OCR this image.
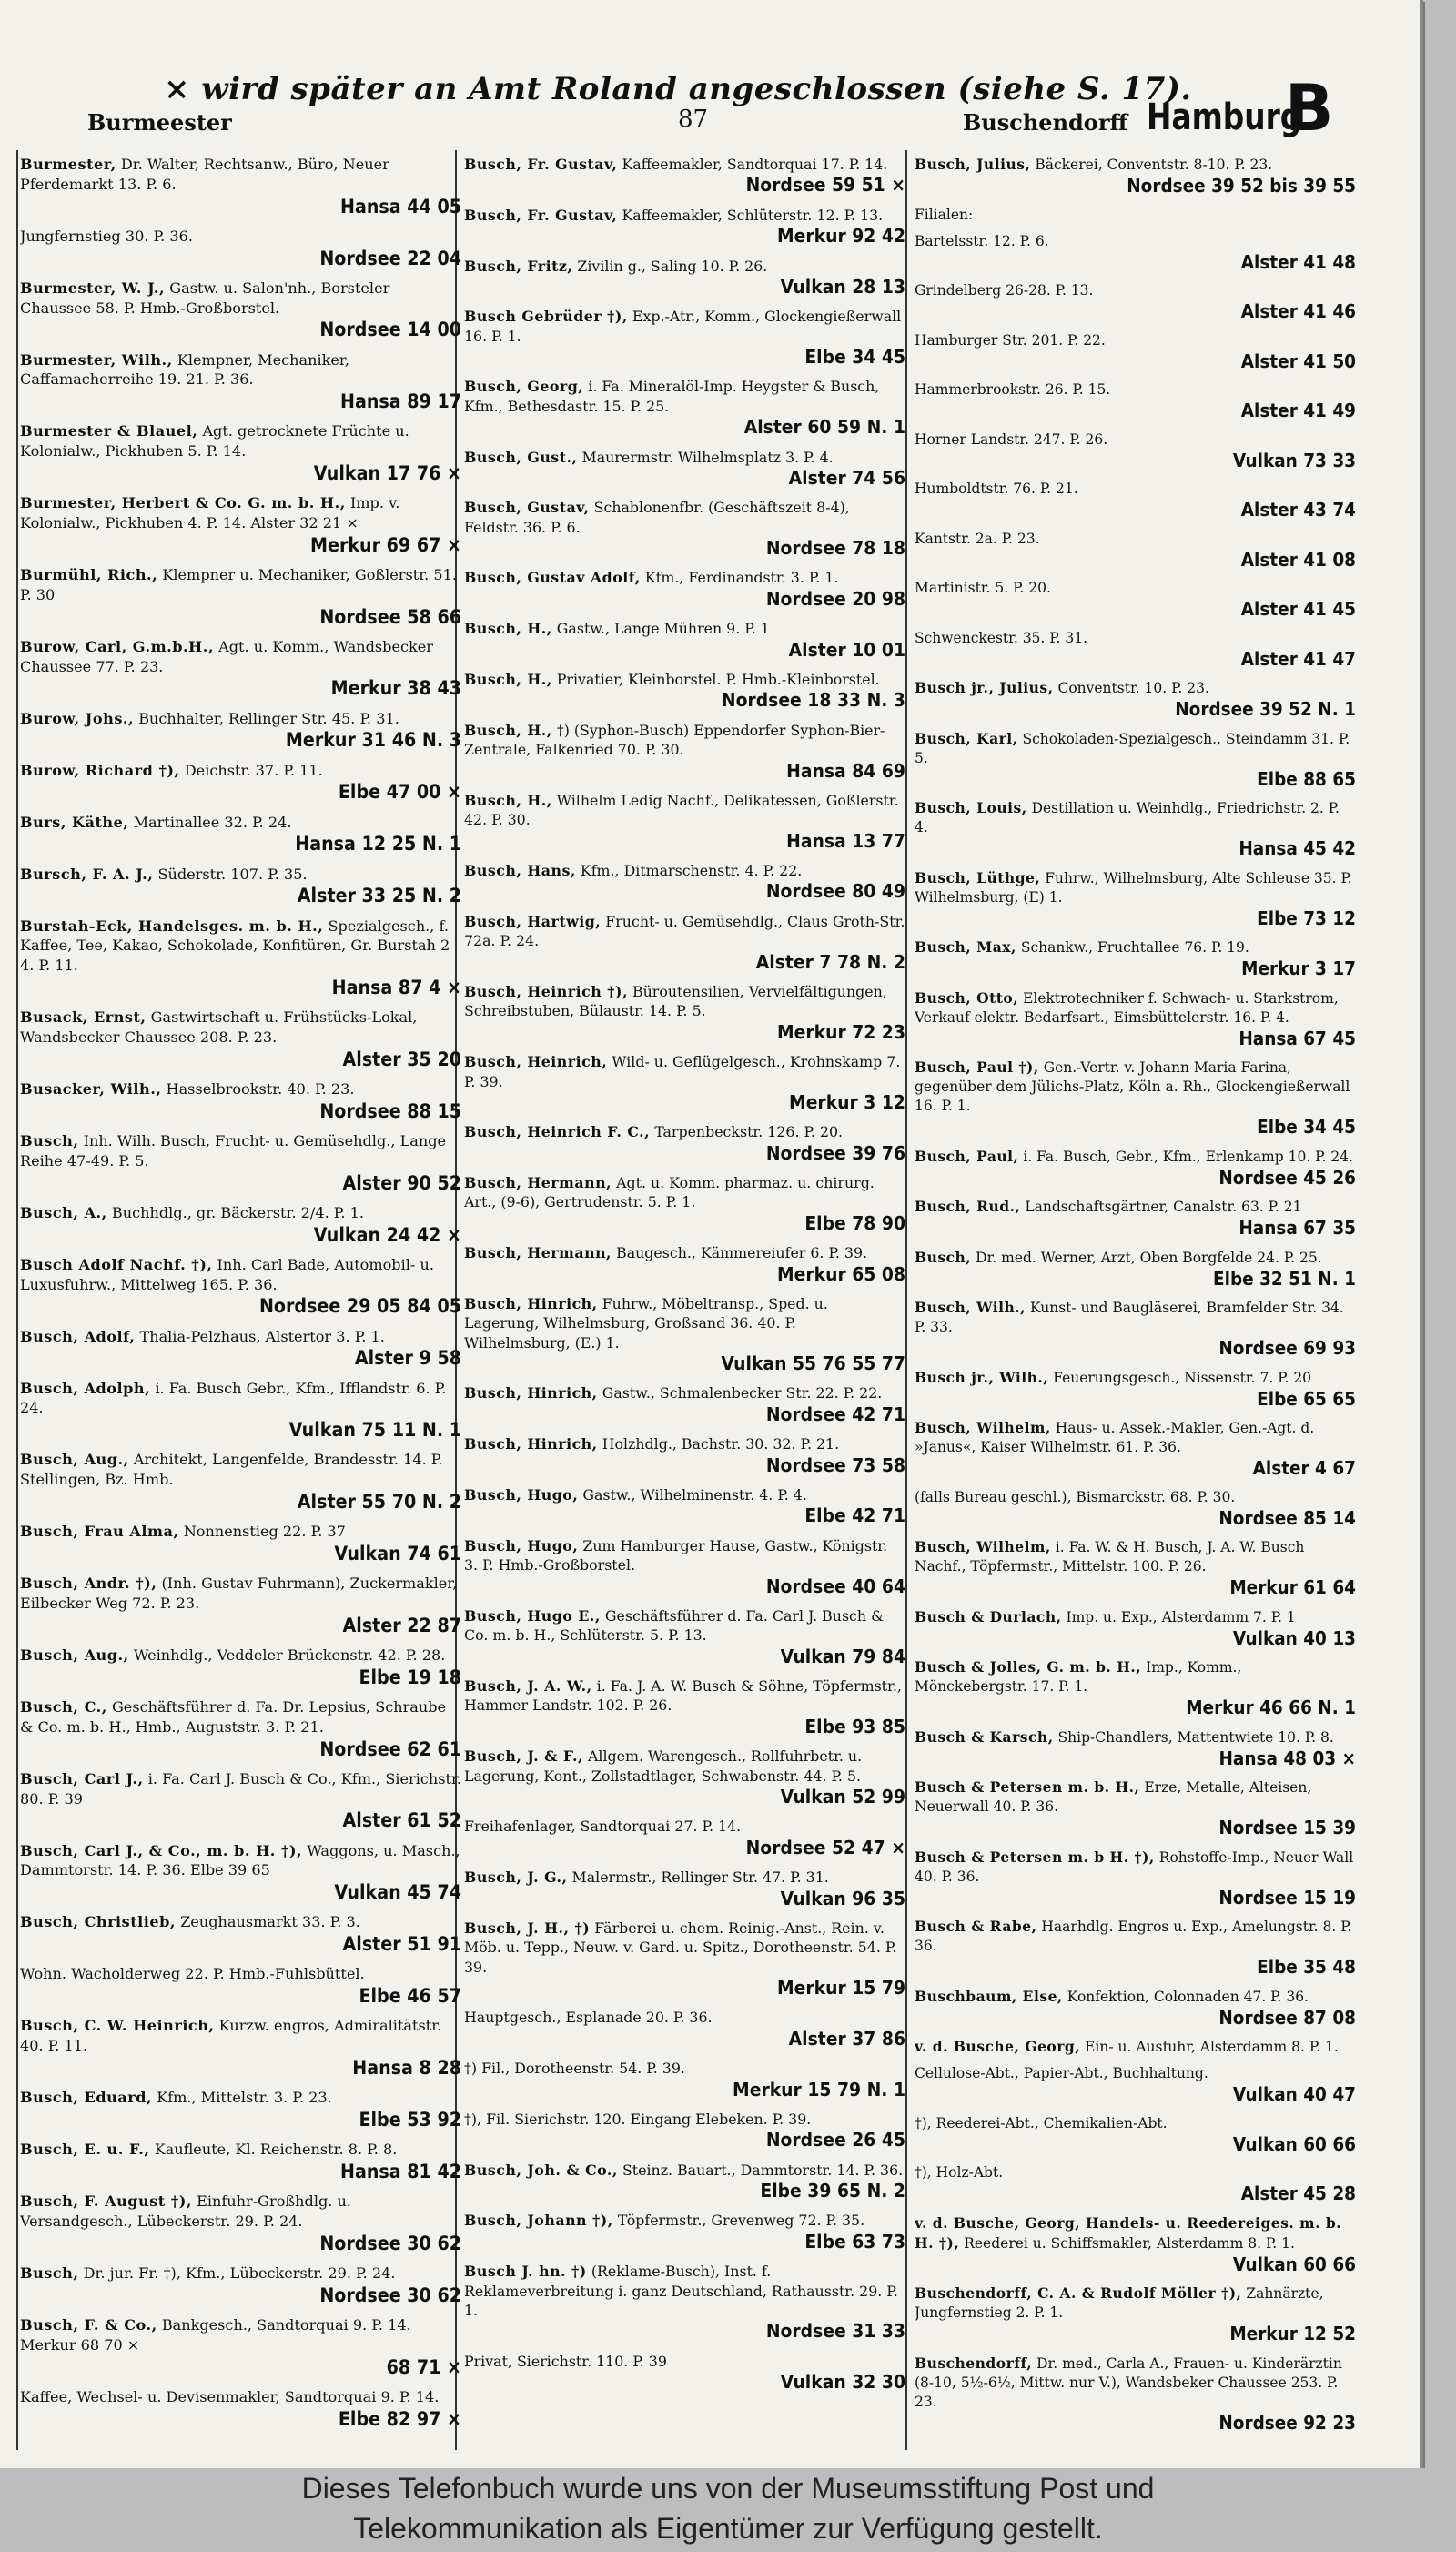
× wird später an Amt Roland angeschlossen (siehe S. 17).
Burmeester	87	Buschendorff Hamburg
B
Burmester, Dr. Walter, Rechtsanw., Büro, Neuer Pferdemarkt 13. P. 6.
Hansa 44 05
Jungfernstieg 30. P. 36.
Nordsee 22 04
Burmester, W. J., Gastw. u. Salon'nh., Borsteler Chaussee 58. P. Hmb.-Großborstel.
Nordsee 14 00
Burmester, Wilh., Klempner, Mechaniker, Caffamacherreihe 19. 21. P. 36.
Hansa 89 17
Burmester & Blauel, Agt. getrocknete Früchte u. Kolonialw., Pickhuben 5. P. 14.
Vulkan 17 76 ×
Burmester, Herbert & Co. G. m. b. H., Imp. v. Kolonialw., Pickhuben 4. P. 14. Alster 32 21 ×
Merkur 69 67 ×
Burmühl, Rich., Klempner u. Mechaniker, Goßlerstr. 51. P. 30
Nordsee 58 66
Burow, Carl, G.m.b.H., Agt. u. Komm., Wandsbecker Chaussee 77. P. 23.
Merkur 38 43
Burow, Johs., Buchhalter, Rellinger Str. 45. P. 31.
Merkur 31 46 N. 3
Burow, Richard †), Deichstr. 37. P. 11.
Elbe 47 00 ×
Burs, Käthe, Martinallee 32. P. 24.
Hansa 12 25 N. 1
Bursch, F. A. J., Süderstr. 107. P. 35.
Alster 33 25 N. 2
Burstah-Eck, Handelsges. m. b. H., Spezialgesch., f. Kaffee, Tee, Kakao, Schokolade, Konfitüren, Gr. Burstah 2 4. P. 11.
Hansa 87 4 ×
Busack, Ernst, Gastwirtschaft u. Frühstücks-Lokal, Wandsbecker Chaussee 208. P. 23.
Alster 35 20
Busacker, Wilh., Hasselbrookstr. 40. P. 23.
Nordsee 88 15
Busch, Inh. Wilh. Busch, Frucht- u. Gemüsehdlg., Lange Reihe 47-49. P. 5.
Alster 90 52
Busch, A., Buchhdlg., gr. Bäckerstr. 2/4. P. 1.
Vulkan 24 42 ×
Busch Adolf Nachf. †), Inh. Carl Bade, Automobil- u. Luxusfuhrw., Mittelweg 165. P. 36.
Nordsee 29 05 84 05
Busch, Adolf, Thalia-Pelzhaus, Alstertor 3. P. 1.
Alster 9 58
Busch, Adolph, i. Fa. Busch Gebr., Kfm., Ifflandstr. 6. P. 24.
Vulkan 75 11 N. 1
Busch, Aug., Architekt, Langenfelde, Brandesstr. 14. P. Stellingen, Bz. Hmb.
Alster 55 70 N. 2
Busch, Frau Alma, Nonnenstieg 22. P. 37
Vulkan 74 61
Busch, Andr. †), (Inh. Gustav Fuhrmann), Zuckermakler, Eilbecker Weg 72. P. 23.
Alster 22 87
Busch, Aug., Weinhdlg., Veddeler Brückenstr. 42. P. 28.
Elbe 19 18
Busch, C., Geschäftsführer d. Fa. Dr. Lepsius, Schraube & Co. m. b. H., Hmb., Auguststr. 3. P. 21.
Nordsee 62 61
Busch, Carl J., i. Fa. Carl J. Busch & Co., Kfm., Sierichstr. 80. P. 39
Alster 61 52
Busch, Carl J., & Co., m. b. H. †), Waggons, u. Masch., Dammtorstr. 14. P. 36. Elbe 39 65
Vulkan 45 74
Busch, Christlieb, Zeughausmarkt 33. P. 3.
Alster 51 91
Wohn. Wacholderweg 22. P. Hmb.-Fuhlsbüttel.
Elbe 46 57
Busch, C. W. Heinrich, Kurzw. engros, Admiralitätstr. 40. P. 11.
Hansa 8 28
Busch, Eduard, Kfm., Mittelstr. 3. P. 23.
Elbe 53 92
Busch, E. u. F., Kaufleute, Kl. Reichenstr. 8. P. 8.
Hansa 81 42
Busch, F. August †), Einfuhr-Großhdlg. u. Versandgesch., Lübeckerstr. 29. P. 24.
Nordsee 30 62
Busch, Dr. jur. Fr. †), Kfm., Lübeckerstr. 29. P. 24.
Nordsee 30 62
Busch, F. & Co., Bankgesch., Sandtorquai 9. P. 14. Merkur 68 70 ×
68 71 ×
Kaffee, Wechsel- u. Devisenmakler, Sandtorquai 9. P. 14.
Elbe 82 97 ×
Busch, Fr. Gustav, Kaffeemakler, Sandtorquai 17. P. 14.
Nordsee 59 51 ×
Busch, Fr. Gustav, Kaffeemakler, Schlüterstr. 12. P. 13.
Merkur 92 42
Busch, Fritz, Zivilin g., Saling 10. P. 26.
Vulkan 28 13
Busch Gebrüder †), Exp.-Atr., Komm., Glockengießerwall 16. P. 1.
Elbe 34 45
Busch, Georg, i. Fa. Mineralöl-Imp. Heygster & Busch, Kfm., Bethesdastr. 15. P. 25.
Alster 60 59 N. 1
Busch, Gust., Maurermstr. Wilhelmsplatz 3. P. 4.
Alster 74 56
Busch, Gustav, Schablonenfbr. (Geschäftszeit 8-4), Feldstr. 36. P. 6.
Nordsee 78 18
Busch, Gustav Adolf, Kfm., Ferdinandstr. 3. P. 1.
Nordsee 20 98
Busch, H., Gastw., Lange Mühren 9. P. 1
Alster 10 01
Busch, H., Privatier, Kleinborstel. P. Hmb.-Kleinborstel.
Nordsee 18 33 N. 3
Busch, H., †) (Syphon-Busch) Eppendorfer Syphon-Bier-Zentrale, Falkenried 70. P. 30.
Hansa 84 69
Busch, H., Wilhelm Ledig Nachf., Delikatessen, Goßlerstr. 42. P. 30.
Hansa 13 77
Busch, Hans, Kfm., Ditmarschenstr. 4. P. 22.
Nordsee 80 49
Busch, Hartwig, Frucht- u. Gemüsehdlg., Claus Groth-Str. 72a. P. 24.
Alster 7 78 N. 2
Busch, Heinrich †), Büroutensilien, Vervielfältigungen, Schreibstuben, Bülaustr. 14. P. 5.
Merkur 72 23
Busch, Heinrich, Wild- u. Geflügelgesch., Krohnskamp 7. P. 39.
Merkur 3 12
Busch, Heinrich F. C., Tarpenbeckstr. 126. P. 20.
Nordsee 39 76
Busch, Hermann, Agt. u. Komm. pharmaz. u. chirurg. Art., (9-6), Gertrudenstr. 5. P. 1.
Elbe 78 90
Busch, Hermann, Baugesch., Kämmereiufer 6. P. 39.
Merkur 65 08
Busch, Hinrich, Fuhrw., Möbeltransp., Sped. u. Lagerung, Wilhelmsburg, Großsand 36. 40. P. Wilhelmsburg, (E.) 1.
Vulkan 55 76 55 77
Busch, Hinrich, Gastw., Schmalenbecker Str. 22. P. 22.
Nordsee 42 71
Busch, Hinrich, Holzhdlg., Bachstr. 30. 32. P. 21.
Nordsee 73 58
Busch, Hugo, Gastw., Wilhelminenstr. 4. P. 4.
Elbe 42 71
Busch, Hugo, Zum Hamburger Hause, Gastw., Königstr. 3. P. Hmb.-Großborstel.
Nordsee 40 64
Busch, Hugo E., Geschäftsführer d. Fa. Carl J. Busch & Co. m. b. H., Schlüterstr. 5. P. 13.
Vulkan 79 84
Busch, J. A. W., i. Fa. J. A. W. Busch & Söhne, Töpfermstr., Hammer Landstr. 102. P. 26.
Elbe 93 85
Busch, J. & F., Allgem. Warengesch., Rollfuhrbetr. u. Lagerung, Kont., Zollstadtlager, Schwabenstr. 44. P. 5.
Vulkan 52 99
Freihafenlager, Sandtorquai 27. P. 14.
Nordsee 52 47 ×
Busch, J. G., Malermstr., Rellinger Str. 47. P. 31.
Vulkan 96 35
Busch, J. H., †) Färberei u. chem. Reinig.-Anst., Rein. v. Möb. u. Tepp., Neuw. v. Gard. u. Spitz., Dorotheenstr. 54. P. 39.
Merkur 15 79
Hauptgesch., Esplanade 20. P. 36.
Alster 37 86
†) Fil., Dorotheenstr. 54. P. 39.
Merkur 15 79 N. 1
†), Fil. Sierichstr. 120. Eingang Elebeken. P. 39.
Nordsee 26 45
Busch, Joh. & Co., Steinz. Bauart., Dammtorstr. 14. P. 36.
Elbe 39 65 N. 2
Busch, Johann †), Töpfermstr., Grevenweg 72. P. 35.
Elbe 63 73
Busch J. hn. †) (Reklame-Busch), Inst. f. Reklameverbreitung i. ganz Deutschland, Rathausstr. 29. P. 1.
Nordsee 31 33
Privat, Sierichstr. 110. P. 39
Vulkan 32 30
Busch, Julius, Bäckerei, Conventstr. 8-10. P. 23.
Nordsee 39 52 bis 39 55
Filialen:
Bartelsstr. 12. P. 6.
Alster 41 48
Grindelberg 26-28. P. 13.
Alster 41 46
Hamburger Str. 201. P. 22.
Alster 41 50
Hammerbrookstr. 26. P. 15.
Alster 41 49
Horner Landstr. 247. P. 26.
Vulkan 73 33
Humboldtstr. 76. P. 21.
Alster 43 74
Kantstr. 2a. P. 23.
Alster 41 08
Martinistr. 5. P. 20.
Alster 41 45
Schwenckestr. 35. P. 31.
Alster 41 47
Busch jr., Julius, Conventstr. 10. P. 23.
Nordsee 39 52 N. 1
Busch, Karl, Schokoladen-Spezialgesch., Steindamm 31. P. 5.
Elbe 88 65
Busch, Louis, Destillation u. Weinhdlg., Friedrichstr. 2. P. 4.
Hansa 45 42
Busch, Lüthge, Fuhrw., Wilhelmsburg, Alte Schleuse 35. P. Wilhelmsburg, (E) 1.
Elbe 73 12
Busch, Max, Schankw., Fruchtallee 76. P. 19.
Merkur 3 17
Busch, Otto, Elektrotechniker f. Schwach- u. Starkstrom, Verkauf elektr. Bedarfsart., Eimsbüttelerstr. 16. P. 4.
Hansa 67 45
Busch, Paul †), Gen.-Vertr. v. Johann Maria Farina, gegenüber dem Jülichs-Platz, Köln a. Rh., Glockengießerwall 16. P. 1.
Elbe 34 45
Busch, Paul, i. Fa. Busch, Gebr., Kfm., Erlenkamp 10. P. 24.
Nordsee 45 26
Busch, Rud., Landschaftsgärtner, Canalstr. 63. P. 21
Hansa 67 35
Busch, Dr. med. Werner, Arzt, Oben Borgfelde 24. P. 25.
Elbe 32 51 N. 1
Busch, Wilh., Kunst- und Baugläserei, Bramfelder Str. 34. P. 33.
Nordsee 69 93
Busch jr., Wilh., Feuerungsgesch., Nissenstr. 7. P. 20
Elbe 65 65
Busch, Wilhelm, Haus- u. Assek.-Makler, Gen.-Agt. d. »Janus«, Kaiser Wilhelmstr. 61. P. 36.
Alster 4 67
(falls Bureau geschl.), Bismarckstr. 68. P. 30.
Nordsee 85 14
Busch, Wilhelm, i. Fa. W. & H. Busch, J. A. W. Busch Nachf., Töpfermstr., Mittelstr. 100. P. 26.
Merkur 61 64
Busch & Durlach, Imp. u. Exp., Alsterdamm 7. P. 1
Vulkan 40 13
Busch & Jolles, G. m. b. H., Imp., Komm., Mönckebergstr. 17. P. 1.
Merkur 46 66 N. 1
Busch & Karsch, Ship-Chandlers, Mattentwiete 10. P. 8.
Hansa 48 03 ×
Busch & Petersen m. b. H., Erze, Metalle, Alteisen, Neuerwall 40. P. 36.
Nordsee 15 39
Busch & Petersen m. b H. †), Rohstoffe-Imp., Neuer Wall 40. P. 36.
Nordsee 15 19
Busch & Rabe, Haarhdlg. Engros u. Exp., Amelungstr. 8. P. 36.
Elbe 35 48
Buschbaum, Else, Konfektion, Colonnaden 47. P. 36.
Nordsee 87 08
v. d. Busche, Georg, Ein- u. Ausfuhr, Alsterdamm 8. P. 1.
Cellulose-Abt., Papier-Abt., Buchhaltung.
Vulkan 40 47
†), Reederei-Abt., Chemikalien-Abt.
Vulkan 60 66
†), Holz-Abt.
Alster 45 28
v. d. Busche, Georg, Handels- u. Reedereiges. m. b. H. †), Reederei u. Schiffsmakler, Alsterdamm 8. P. 1.
Vulkan 60 66
Buschendorff, C. A. & Rudolf Möller †), Zahnärzte, Jungfernstieg 2. P. 1.
Merkur 12 52
Buschendorff, Dr. med., Carla A., Frauen- u. Kinderärztin (8-10, 5½-6½, Mittw. nur V.), Wandsbeker Chaussee 253. P. 23.
Nordsee 92 23
Dieses Telefonbuch wurde uns von der Museumsstiftung Post und
Telekommunikation als Eigentümer zur Verfügung gestellt.
